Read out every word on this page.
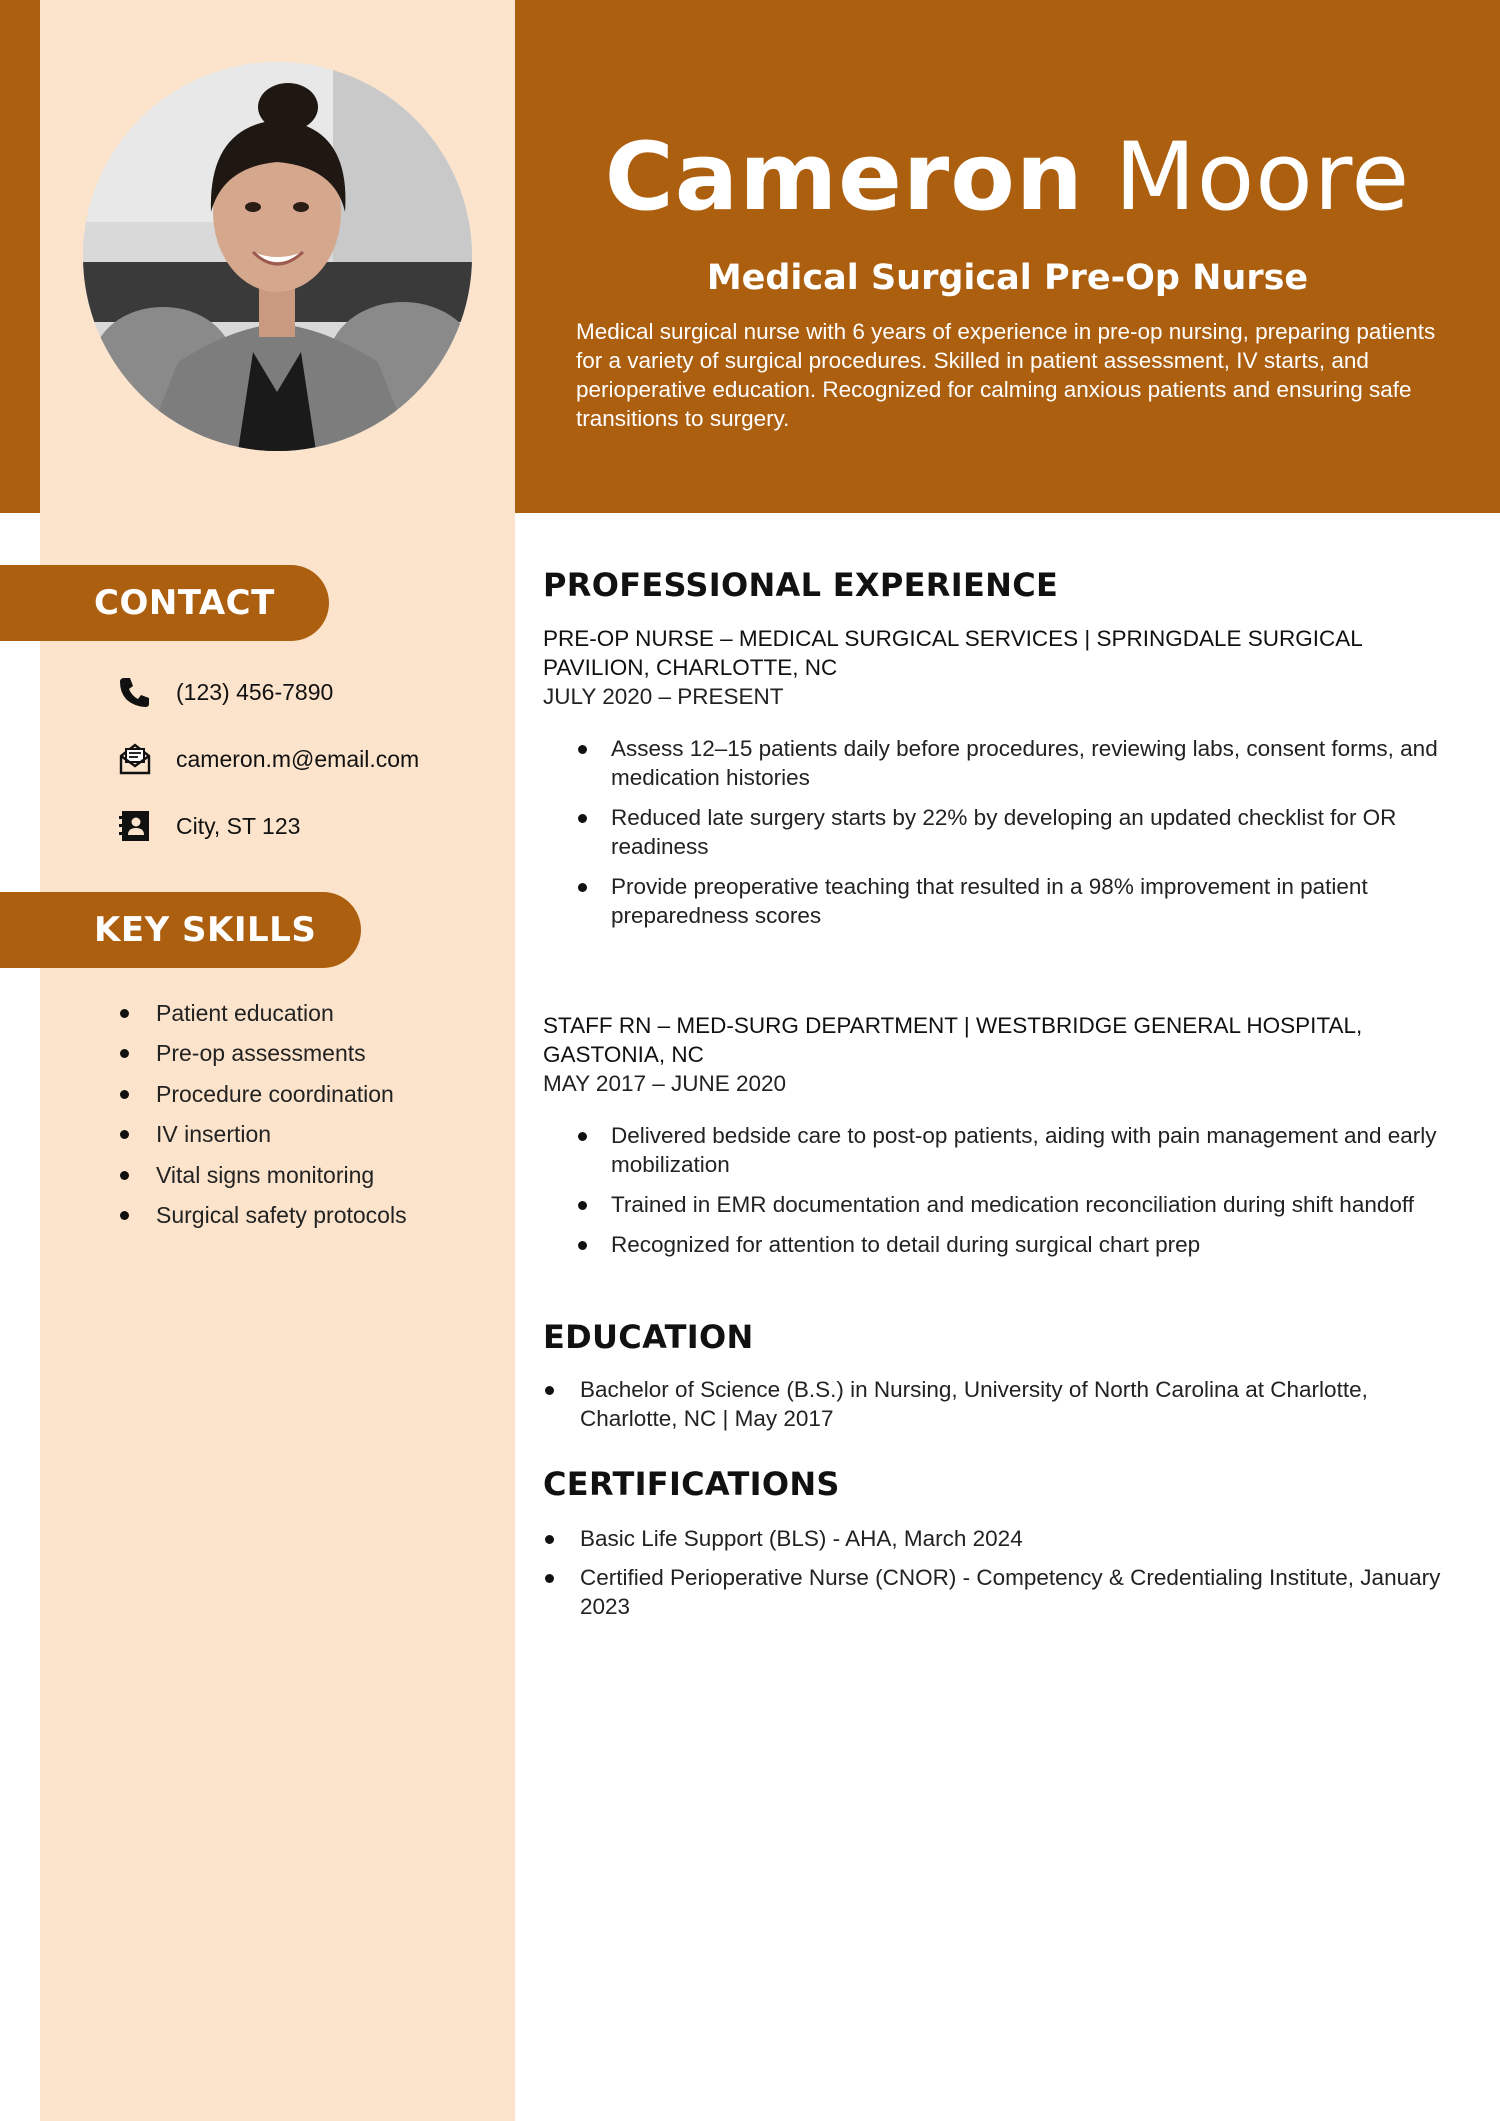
Cameron Moore
Medical Surgical Pre-Op Nurse
Medical surgical nurse with 6 years of experience in pre-op nursing, preparing patients for a variety of surgical procedures. Skilled in patient assessment, IV starts, and perioperative education. Recognized for calming anxious patients and ensuring safe transitions to surgery.
CONTACT
(123) 456-7890
cameron.m@email.com
City, ST 123
KEY SKILLS
Patient education
Pre-op assessments
Procedure coordination
IV insertion
Vital signs monitoring
Surgical safety protocols
PROFESSIONAL EXPERIENCE
PRE-OP NURSE – MEDICAL SURGICAL SERVICES | SPRINGDALE SURGICAL PAVILION, CHARLOTTE, NC
JULY 2020 – PRESENT
Assess 12–15 patients daily before procedures, reviewing labs, consent forms, and medication histories
Reduced late surgery starts by 22% by developing an updated checklist for OR readiness
Provide preoperative teaching that resulted in a 98% improvement in patient preparedness scores
STAFF RN – MED-SURG DEPARTMENT | WESTBRIDGE GENERAL HOSPITAL, GASTONIA, NC
MAY 2017 – JUNE 2020
Delivered bedside care to post-op patients, aiding with pain management and early mobilization
Trained in EMR documentation and medication reconciliation during shift handoff
Recognized for attention to detail during surgical chart prep
EDUCATION
Bachelor of Science (B.S.) in Nursing, University of North Carolina at Charlotte, Charlotte, NC | May 2017
CERTIFICATIONS
Basic Life Support (BLS) - AHA, March 2024
Certified Perioperative Nurse (CNOR) - Competency & Credentialing Institute, January 2023
